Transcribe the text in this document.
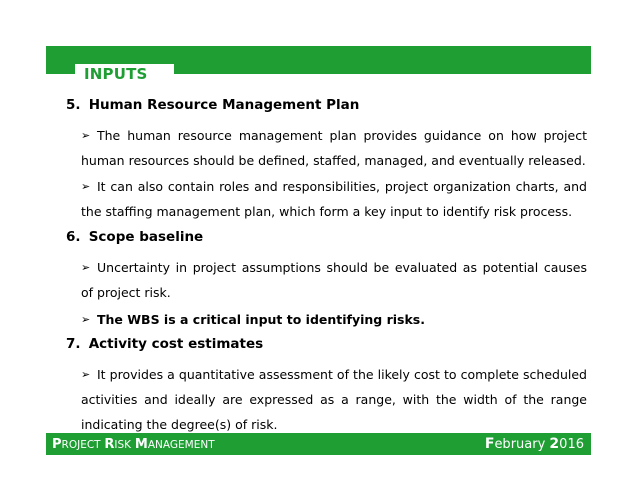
INPUTS
5. Human Resource Management Plan
➢ The human resource management plan provides guidance on how project human resources should be defined, staffed, managed, and eventually released.
➢ It can also contain roles and responsibilities, project organization charts, and the staffing management plan, which form a key input to identify risk process.
6. Scope baseline
➢ Uncertainty in project assumptions should be evaluated as potential causes of project risk.
➢ The WBS is a critical input to identifying risks.
7. Activity cost estimates
➢ It provides a quantitative assessment of the likely cost to complete scheduled activities and ideally are expressed as a range, with the width of the range indicating the degree(s) of risk.
PROJECT RISK MANAGEMENT	February 2016
